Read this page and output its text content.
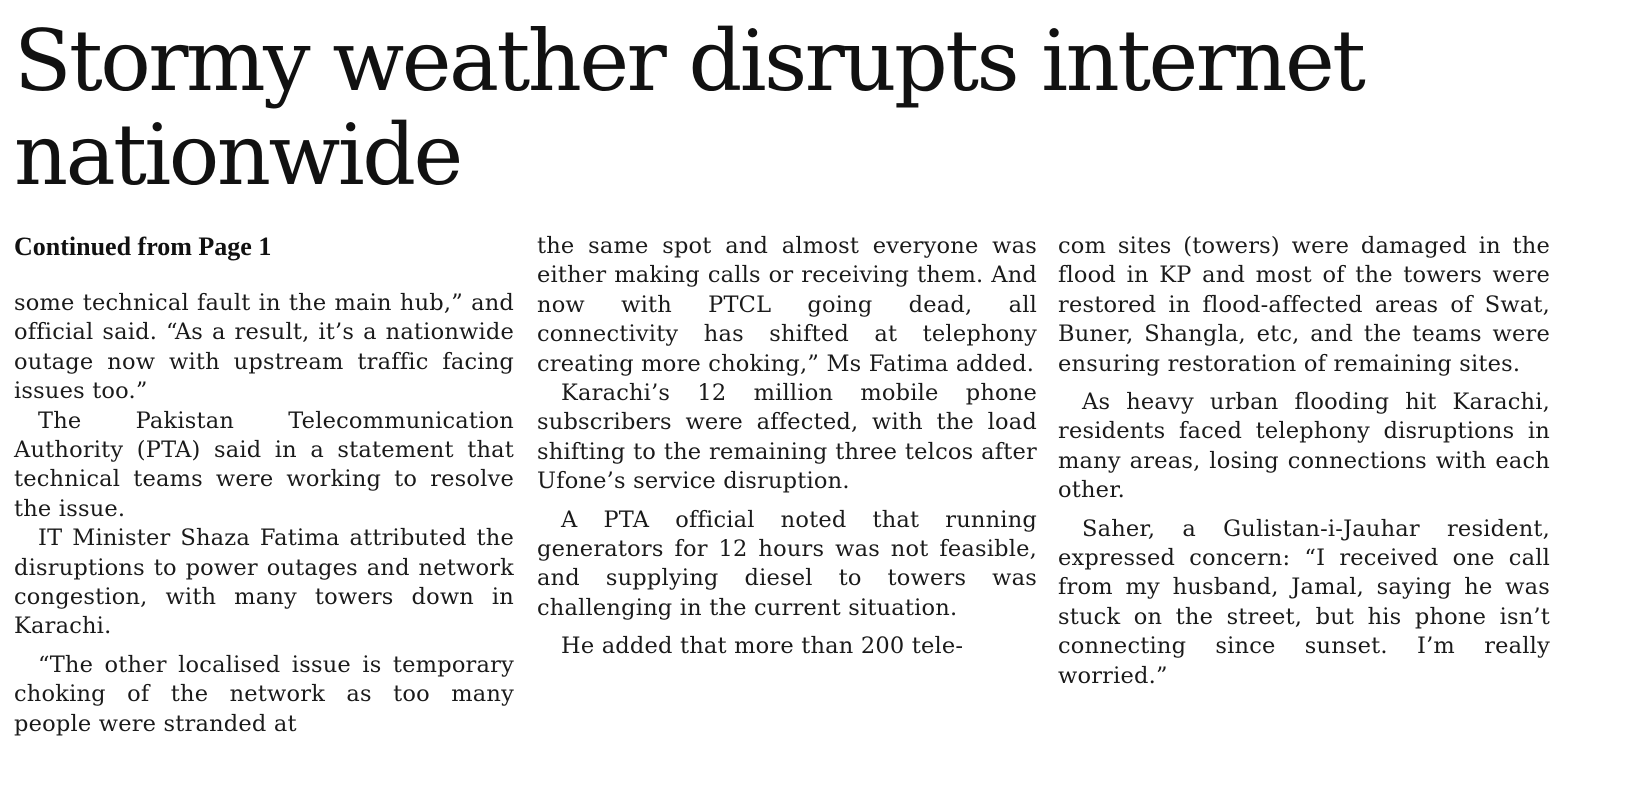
Stormy weather disrupts internet nationwide
Continued from Page 1

some technical fault in the main hub,” and official said. “As a result, it’s a nationwide outage now with upstream traffic facing issues too.”

The Pakistan Telecommunication Authority (PTA) said in a statement that technical teams were working to resolve the issue.

IT Minister Shaza Fatima attributed the disruptions to power outages and network congestion, with many towers down in Karachi.

“The other localised issue is temporary choking of the network as too many people were stranded at

the same spot and almost everyone was either making calls or receiving them. And now with PTCL going dead, all connectivity has shifted at telephony creating more choking,” Ms Fatima added.

Karachi’s 12 million mobile phone subscribers were affected, with the load shifting to the remaining three telcos after Ufone’s service disruption.

A PTA official noted that running generators for 12 hours was not feasible, and supplying diesel to towers was challenging in the current situation.

He added that more than 200 tele-

com sites (towers) were damaged in the flood in KP and most of the towers were restored in flood-affected areas of Swat, Buner, Shangla, etc, and the teams were ensuring restoration of remaining sites.

As heavy urban flooding hit Karachi, residents faced telephony disruptions in many areas, losing connections with each other.

Saher, a Gulistan-i-Jauhar resident, expressed concern: “I received one call from my husband, Jamal, saying he was stuck on the street, but his phone isn’t connecting since sunset. I’m really worried.”
